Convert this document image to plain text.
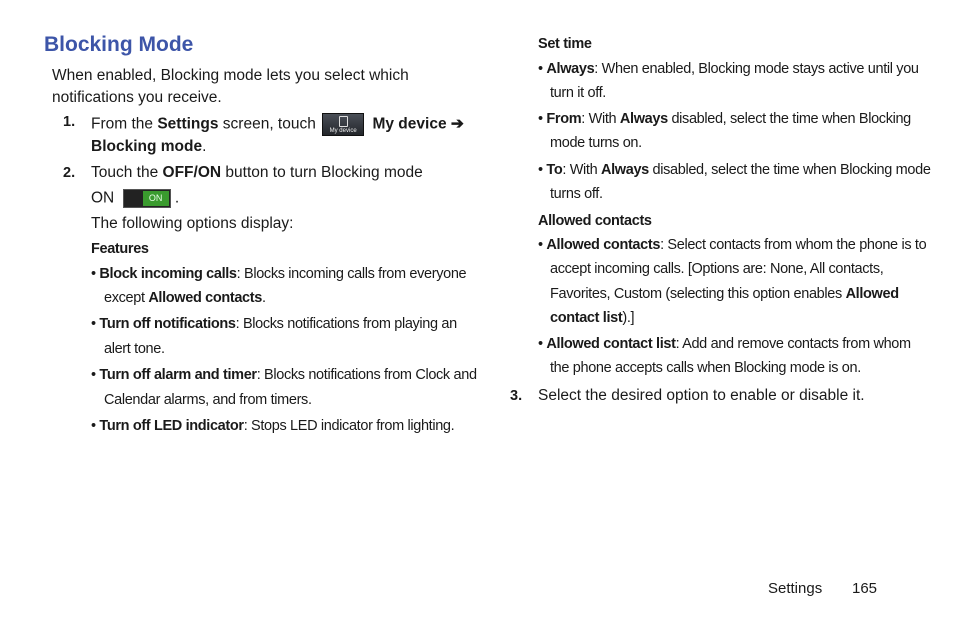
Blocking Mode
When enabled, Blocking mode lets you select which
notifications you receive.
1. From the Settings screen, touch	My device My device ➔
Blocking mode.
2. Touch the OFF/ON button to turn Blocking mode
ON	ON .
The following options display:
Features
• Block incoming calls: Blocks incoming calls from everyone
except Allowed contacts.
• Turn off notifications: Blocks notifications from playing an
alert tone.
• Turn off alarm and timer: Blocks notifications from Clock and
Calendar alarms, and from timers.
• Turn off LED indicator: Stops LED indicator from lighting.
Set time
• Always: When enabled, Blocking mode stays active until you
turn it off.
• From: With Always disabled, select the time when Blocking
mode turns on.
• To: With Always disabled, select the time when Blocking mode
turns off.
Allowed contacts
• Allowed contacts: Select contacts from whom the phone is to
accept incoming calls. [Options are: None, All contacts,
Favorites, Custom (selecting this option enables Allowed
contact list).]
• Allowed contact list: Add and remove contacts from whom
the phone accepts calls when Blocking mode is on.
3. Select the desired option to enable or disable it.
Settings 165
